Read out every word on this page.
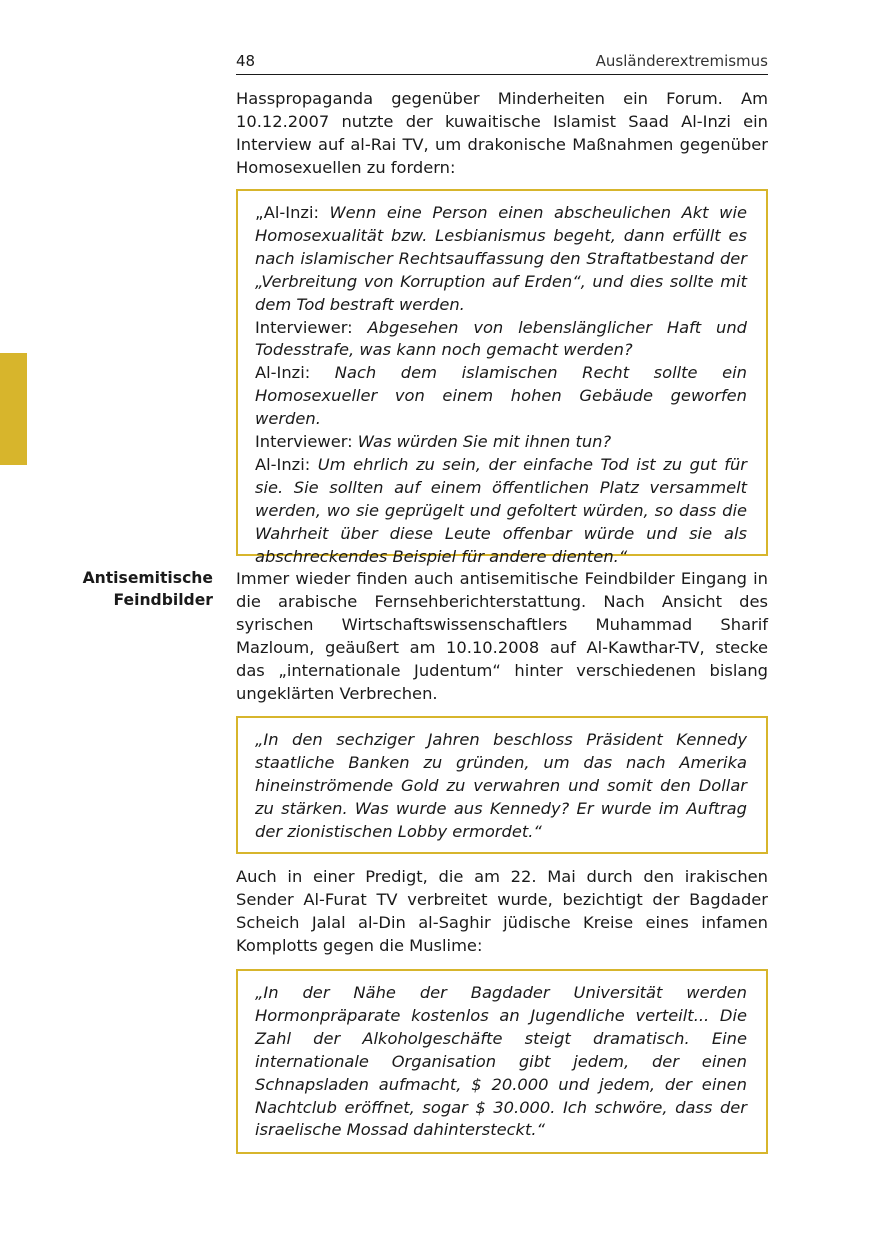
48	Ausländerextremismus

Hasspropaganda gegenüber Minderheiten ein Forum. Am 10.12.2007 nutzte der kuwaitische Islamist Saad Al-Inzi ein Interview auf al-Rai TV, um drakonische Maßnahmen gegenüber Homosexuellen zu fordern:

„Al-Inzi: Wenn eine Person einen abscheulichen Akt wie Homosexualität bzw. Lesbianismus begeht, dann erfüllt es nach islamischer Rechtsauffassung den Straftatbestand der „Verbreitung von Korruption auf Erden“, und dies sollte mit dem Tod bestraft werden.
Interviewer: Abgesehen von lebenslänglicher Haft und Todesstrafe, was kann noch gemacht werden?
Al-Inzi: Nach dem islamischen Recht sollte ein Homosexueller von einem hohen Gebäude geworfen werden.
Interviewer: Was würden Sie mit ihnen tun?
Al-Inzi: Um ehrlich zu sein, der einfache Tod ist zu gut für sie. Sie sollten auf einem öffentlichen Platz versammelt werden, wo sie geprügelt und gefoltert würden, so dass die Wahrheit über diese Leute offenbar würde und sie als abschreckendes Beispiel für andere dienten.“

Antisemitische
Feindbilder

Immer wieder finden auch antisemitische Feindbilder Eingang in die arabische Fernsehberichterstattung. Nach Ansicht des syrischen Wirtschaftswissenschaftlers Muhammad Sharif Mazloum, geäußert am 10.10.2008 auf Al-Kawthar-TV, stecke das „internationale Judentum“ hinter verschiedenen bislang ungeklärten Verbrechen.

„In den sechziger Jahren beschloss Präsident Kennedy staatliche Banken zu gründen, um das nach Amerika hineinströmende Gold zu verwahren und somit den Dollar zu stärken. Was wurde aus Kennedy? Er wurde im Auftrag der zionistischen Lobby ermordet.“

Auch in einer Predigt, die am 22. Mai durch den irakischen Sender Al-Furat TV verbreitet wurde, bezichtigt der Bagdader Scheich Jalal al-Din al-Saghir jüdische Kreise eines infamen Komplotts gegen die Muslime:

„In der Nähe der Bagdader Universität werden Hormonpräparate kostenlos an Jugendliche verteilt... Die Zahl der Alkoholgeschäfte steigt dramatisch. Eine internationale Organisation gibt jedem, der einen Schnapsladen aufmacht, $ 20.000 und jedem, der einen Nachtclub eröffnet, sogar $ 30.000. Ich schwöre, dass der israelische Mossad dahintersteckt.“
